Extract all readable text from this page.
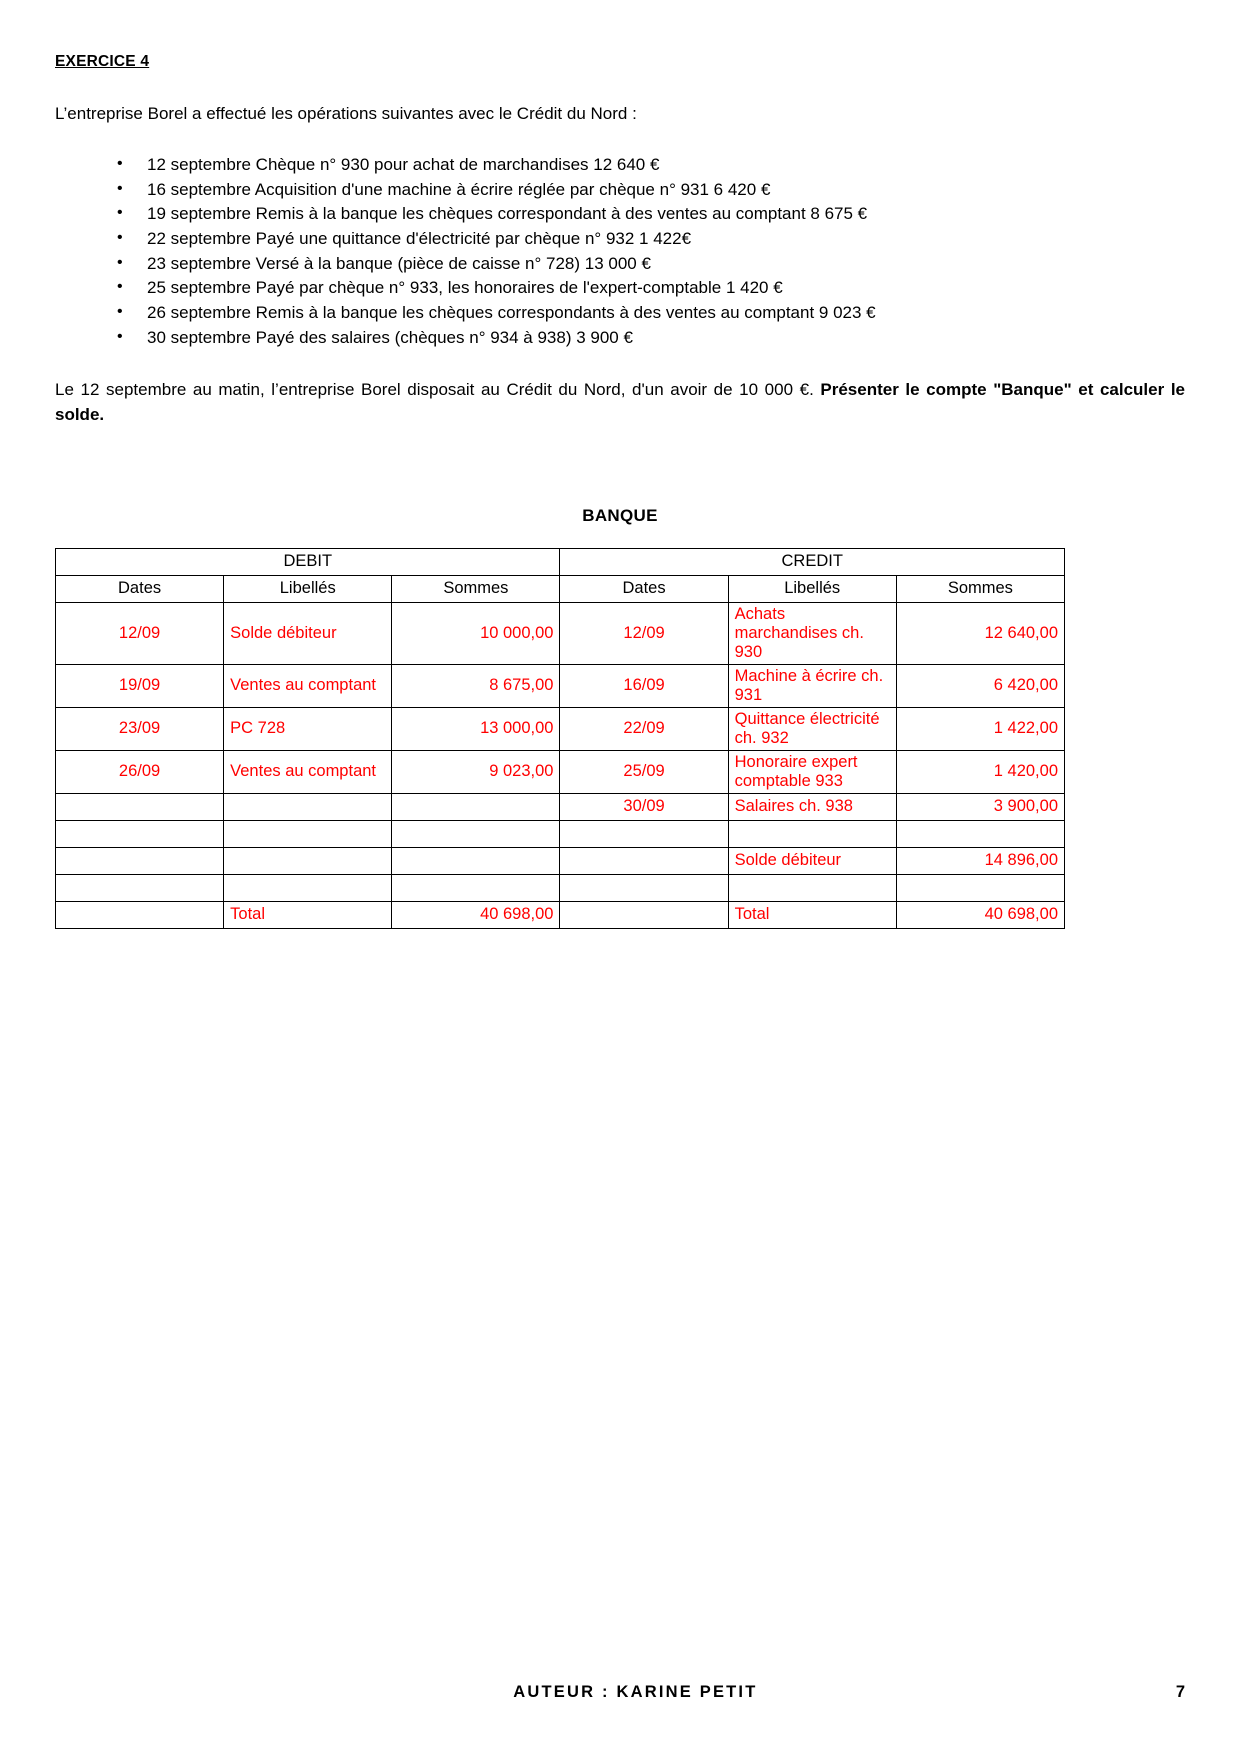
EXERCICE 4

L’entreprise Borel a effectué les opérations suivantes avec le Crédit du Nord :

• 12 septembre Chèque n° 930 pour achat de marchandises 12 640 €
• 16 septembre Acquisition d'une machine à écrire réglée par chèque n° 931 6 420 €
• 19 septembre Remis à la banque les chèques correspondant à des ventes au comptant 8 675 €
• 22 septembre Payé une quittance d'électricité par chèque n° 932 1 422€
• 23 septembre Versé à la banque (pièce de caisse n° 728) 13 000 €
• 25 septembre Payé par chèque n° 933, les honoraires de l'expert-comptable 1 420 €
• 26 septembre Remis à la banque les chèques correspondants à des ventes au comptant 9 023 €
• 30 septembre Payé des salaires (chèques n° 934 à 938) 3 900 €

Le 12 septembre au matin, l’entreprise Borel disposait au Crédit du Nord, d'un avoir de 10 000 €. Présenter le compte "Banque" et calculer le solde.

BANQUE
DEBIT			CREDIT		
Dates	Libellés	Sommes	Dates	Libellés	Sommes
12/09	Solde débiteur	10 000,00	12/09	Achats marchandises ch. 930	12 640,00
19/09	Ventes au comptant	8 675,00	16/09	Machine à écrire ch. 931	6 420,00
23/09	PC 728	13 000,00	22/09	Quittance électricité ch. 932	1 422,00
26/09	Ventes au comptant	9 023,00	25/09	Honoraire expert comptable 933	1 420,00
			30/09	Salaires ch. 938	3 900,00

				Solde débiteur	14 896,00

	Total	40 698,00		Total	40 698,00
AUTEUR : KARINE PETIT	7
